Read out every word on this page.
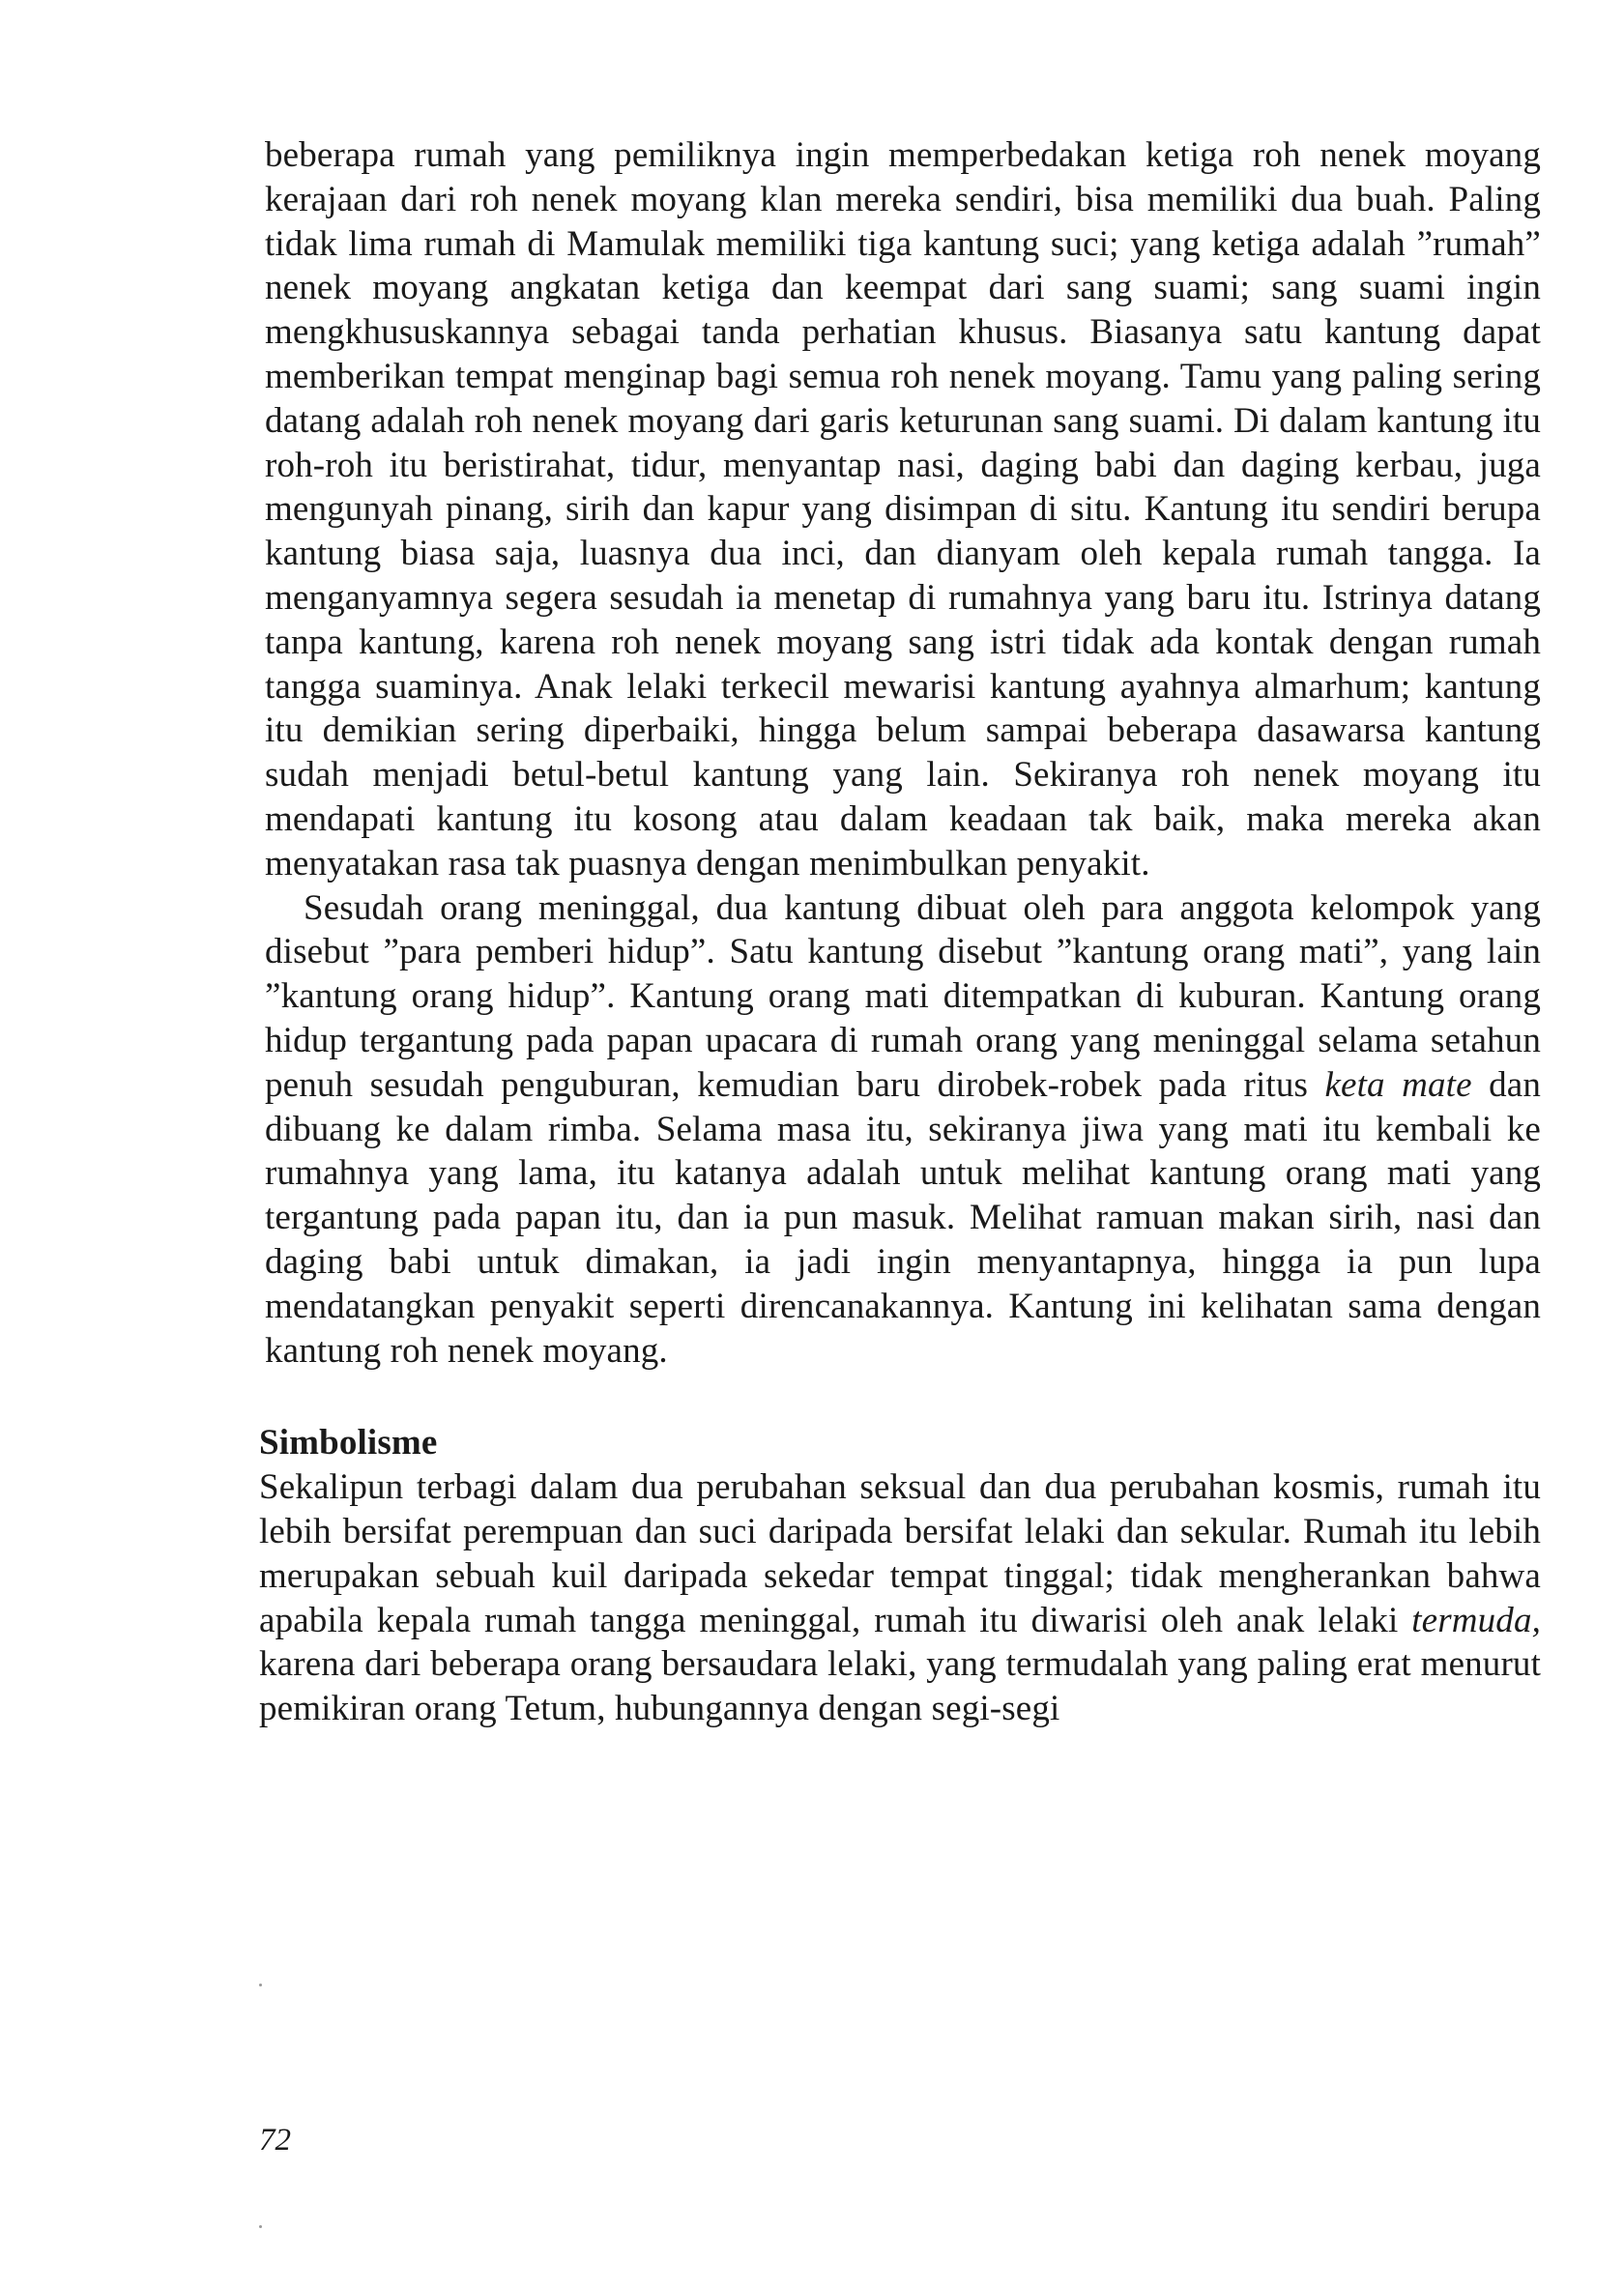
beberapa rumah yang pemiliknya ingin memperbedakan ketiga roh nenek moyang kerajaan dari roh nenek moyang klan mereka sendiri, bisa memiliki dua buah. Paling tidak lima rumah di Mamulak memiliki tiga kantung suci; yang ketiga adalah ”rumah” nenek moyang angkatan ketiga dan keempat dari sang suami; sang suami ingin mengkhususkannya sebagai tanda perhatian khusus. Biasanya satu kantung dapat memberikan tempat menginap bagi semua roh nenek moyang. Tamu yang paling sering datang adalah roh nenek moyang dari garis keturunan sang suami. Di dalam kantung itu roh-roh itu beristirahat, tidur, menyantap nasi, daging babi dan daging kerbau, juga mengunyah pinang, sirih dan kapur yang disimpan di situ. Kantung itu sendiri berupa kantung biasa saja, luasnya dua inci, dan dianyam oleh kepala rumah tangga. Ia menganyamnya segera sesudah ia menetap di rumahnya yang baru itu. Istrinya datang tanpa kantung, karena roh nenek moyang sang istri tidak ada kontak dengan rumah tangga suaminya. Anak lelaki terkecil mewarisi kantung ayahnya almarhum; kantung itu demikian sering diperbaiki, hingga belum sampai beberapa dasawarsa kantung sudah menjadi betul-betul kantung yang lain. Sekiranya roh nenek moyang itu mendapati kantung itu kosong atau dalam keadaan tak baik, maka mereka akan menyatakan rasa tak puasnya dengan menimbulkan penyakit.

Sesudah orang meninggal, dua kantung dibuat oleh para anggota kelompok yang disebut ”para pemberi hidup”. Satu kantung disebut ”kantung orang mati”, yang lain ”kantung orang hidup”. Kantung orang mati ditempatkan di kuburan. Kantung orang hidup tergantung pada papan upacara di rumah orang yang meninggal selama setahun penuh sesudah penguburan, kemudian baru dirobek-robek pada ritus keta mate dan dibuang ke dalam rimba. Selama masa itu, sekiranya jiwa yang mati itu kembali ke rumahnya yang lama, itu katanya adalah untuk melihat kantung orang mati yang tergantung pada papan itu, dan ia pun masuk. Melihat ramuan makan sirih, nasi dan daging babi untuk dimakan, ia jadi ingin menyantapnya, hingga ia pun lupa mendatangkan penyakit seperti direncanakannya. Kantung ini kelihatan sama dengan kantung roh nenek moyang.

Simbolisme

Sekalipun terbagi dalam dua perubahan seksual dan dua perubahan kosmis, rumah itu lebih bersifat perempuan dan suci daripada bersifat lelaki dan sekular. Rumah itu lebih merupakan sebuah kuil daripada sekedar tempat tinggal; tidak mengherankan bahwa apabila kepala rumah tangga meninggal, rumah itu diwarisi oleh anak lelaki termuda, karena dari beberapa orang bersaudara lelaki, yang termudalah yang paling erat menurut pemikiran orang Tetum, hubungannya dengan segi-segi

72
